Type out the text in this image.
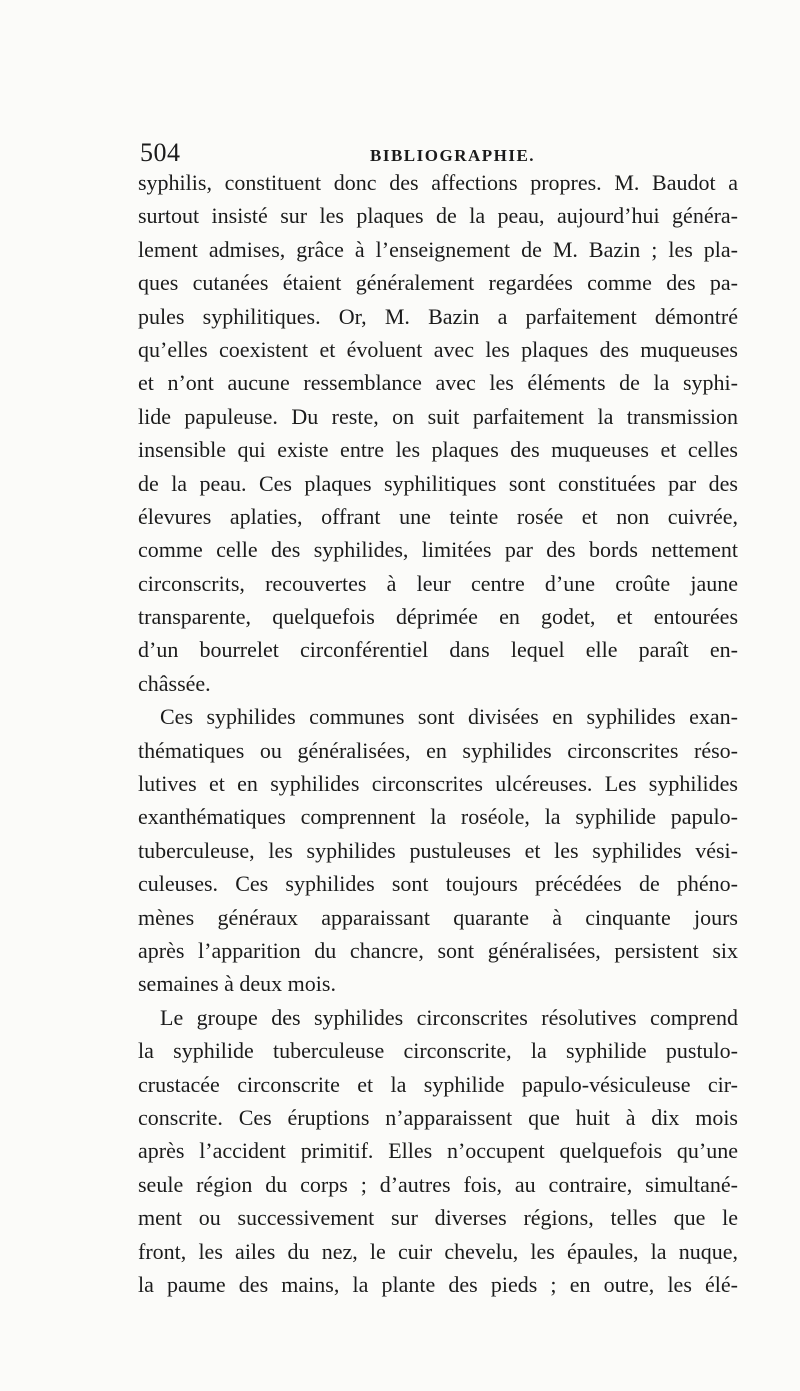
504	BIBLIOGRAPHIE.
syphilis, constituent donc des affections propres. M. Baudot a
surtout insisté sur les plaques de la peau, aujourd’hui généra-
lement admises, grâce à l’enseignement de M. Bazin ; les pla-
ques cutanées étaient généralement regardées comme des pa-
pules syphilitiques. Or, M. Bazin a parfaitement démontré
qu’elles coexistent et évoluent avec les plaques des muqueuses
et n’ont aucune ressemblance avec les éléments de la syphi-
lide papuleuse. Du reste, on suit parfaitement la transmission
insensible qui existe entre les plaques des muqueuses et celles
de la peau. Ces plaques syphilitiques sont constituées par des
élevures aplaties, offrant une teinte rosée et non cuivrée,
comme celle des syphilides, limitées par des bords nettement
circonscrits, recouvertes à leur centre d’une croûte jaune
transparente, quelquefois déprimée en godet, et entourées
d’un bourrelet circonférentiel dans lequel elle paraît en-
châssée.
Ces syphilides communes sont divisées en syphilides exan-
thématiques ou généralisées, en syphilides circonscrites réso-
lutives et en syphilides circonscrites ulcéreuses. Les syphilides
exanthématiques comprennent la roséole, la syphilide papulo-
tuberculeuse, les syphilides pustuleuses et les syphilides vési-
culeuses. Ces syphilides sont toujours précédées de phéno-
mènes généraux apparaissant quarante à cinquante jours
après l’apparition du chancre, sont généralisées, persistent six
semaines à deux mois.
Le groupe des syphilides circonscrites résolutives comprend
la syphilide tuberculeuse circonscrite, la syphilide pustulo-
crustacée circonscrite et la syphilide papulo-vésiculeuse cir-
conscrite. Ces éruptions n’apparaissent que huit à dix mois
après l’accident primitif. Elles n’occupent quelquefois qu’une
seule région du corps ; d’autres fois, au contraire, simultané-
ment ou successivement sur diverses régions, telles que le
front, les ailes du nez, le cuir chevelu, les épaules, la nuque,
la paume des mains, la plante des pieds ; en outre, les élé-
